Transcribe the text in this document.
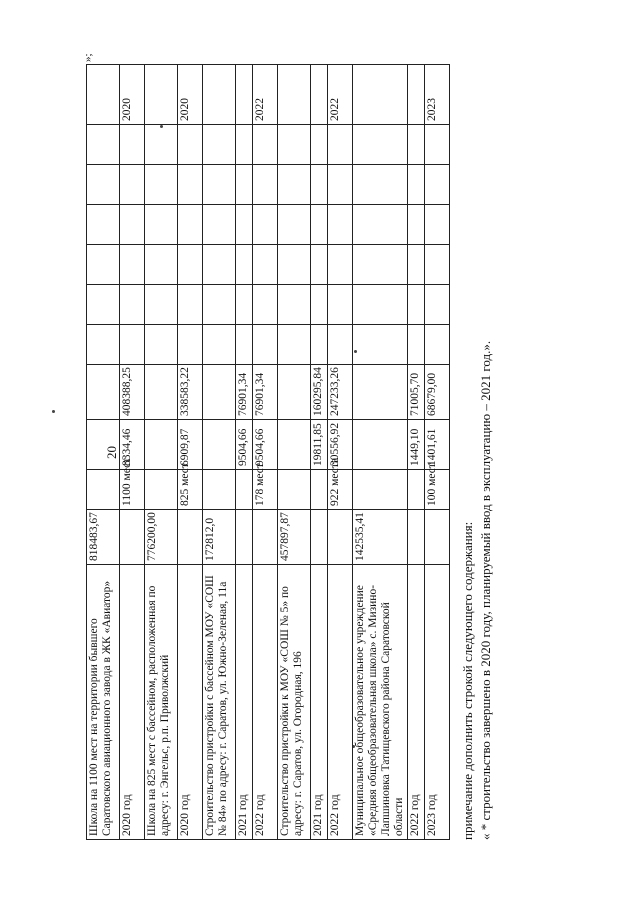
20
Школа на 1100 мест на территории бывшего Саратовского авиационного завода в ЖК «Авиатор»	818483,67										
2020 год		1100 мест	8334,46	408388,25							2020
Школа на 825 мест с бассейном, расположенная по адресу: г. Энгельс, р.п. Приволжский	776200,00										
2020 год		825 мест	6909,87	338583,22							2020
Строительство пристройки с бассейном МОУ «СОШ № 84» по адресу: г. Саратов, ул. Южно-Зеленая, 11а	172812,0										
2021 год			9504,66	76901,34							
2022 год		178 мест	9504,66	76901,34							2022
Строительство пристройки к МОУ «СОШ № 5» по адресу: г. Саратов, ул. Огородная, 196	457897,87										
2021 год			19811,85	160295,84							
2022 год		922 места	30556,92	247233,26							2022
Муниципальное общеобразовательное учреждение «Средняя общеобразовательная школа» с. Мизино-Лапшиновка Татищевского района Саратовской области	142535,41										
2022 год			1449,10	71005,70							
2023 год		100 мест	1401,61	68679,00							2023
»;
примечание дополнить строкой следующего содержания: « * строительство завершено в 2020 году, планируемый ввод в эксплуатацию – 2021 год.».
